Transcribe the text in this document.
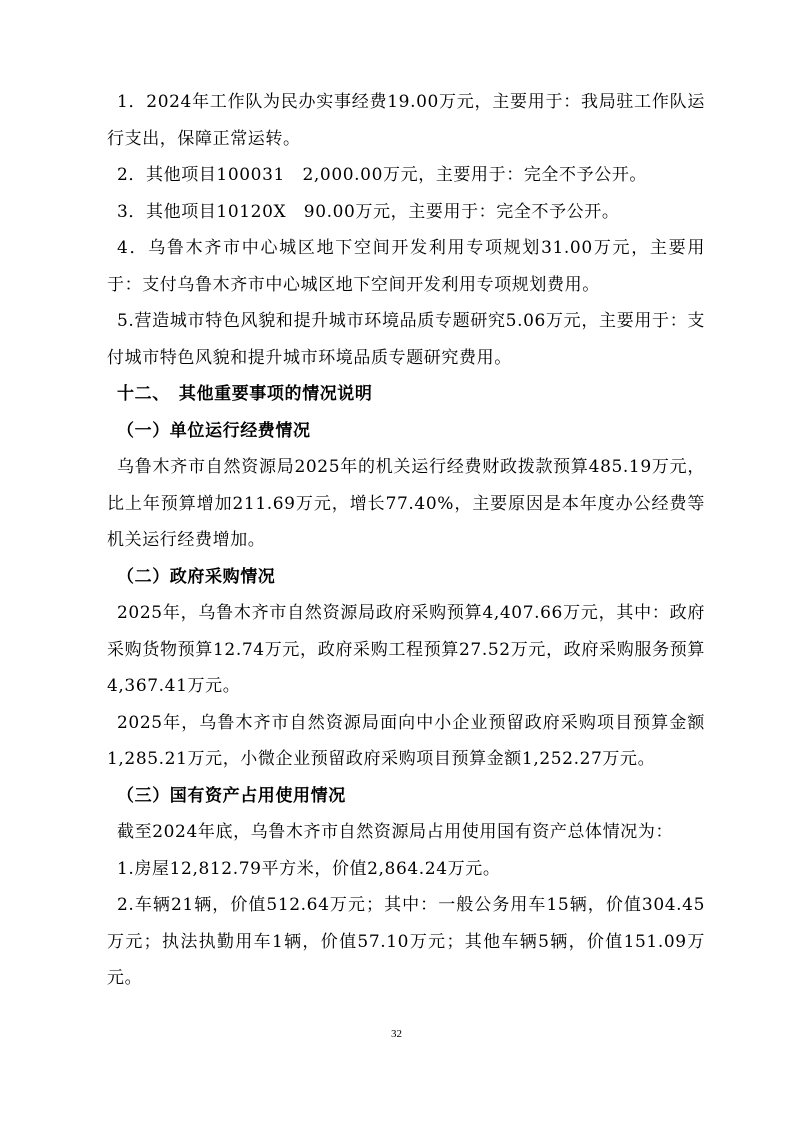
1．2024年工作队为民办实事经费19.00万元，主要用于：我局驻工作队运行支出，保障正常运转。

2．其他项目100031　2,000.00万元，主要用于：完全不予公开。

3．其他项目10120X　90.00万元，主要用于：完全不予公开。

4．乌鲁木齐市中心城区地下空间开发利用专项规划31.00万元，主要用于：支付乌鲁木齐市中心城区地下空间开发利用专项规划费用。

5.营造城市特色风貌和提升城市环境品质专题研究5.06万元，主要用于：支付城市特色风貌和提升城市环境品质专题研究费用。

十二、　其他重要事项的情况说明

（一）单位运行经费情况

乌鲁木齐市自然资源局2025年的机关运行经费财政拨款预算485.19万元，比上年预算增加211.69万元，增长77.40%，主要原因是本年度办公经费等机关运行经费增加。

（二）政府采购情况

2025年，乌鲁木齐市自然资源局政府采购预算4,407.66万元，其中：政府采购货物预算12.74万元，政府采购工程预算27.52万元，政府采购服务预算4,367.41万元。

2025年，乌鲁木齐市自然资源局面向中小企业预留政府采购项目预算金额1,285.21万元，小微企业预留政府采购项目预算金额1,252.27万元。

（三）国有资产占用使用情况

截至2024年底，乌鲁木齐市自然资源局占用使用国有资产总体情况为：

1.房屋12,812.79平方米，价值2,864.24万元。

2.车辆21辆，价值512.64万元；其中：一般公务用车15辆，价值304.45万元；执法执勤用车1辆，价值57.10万元；其他车辆5辆，价值151.09万元。

32
